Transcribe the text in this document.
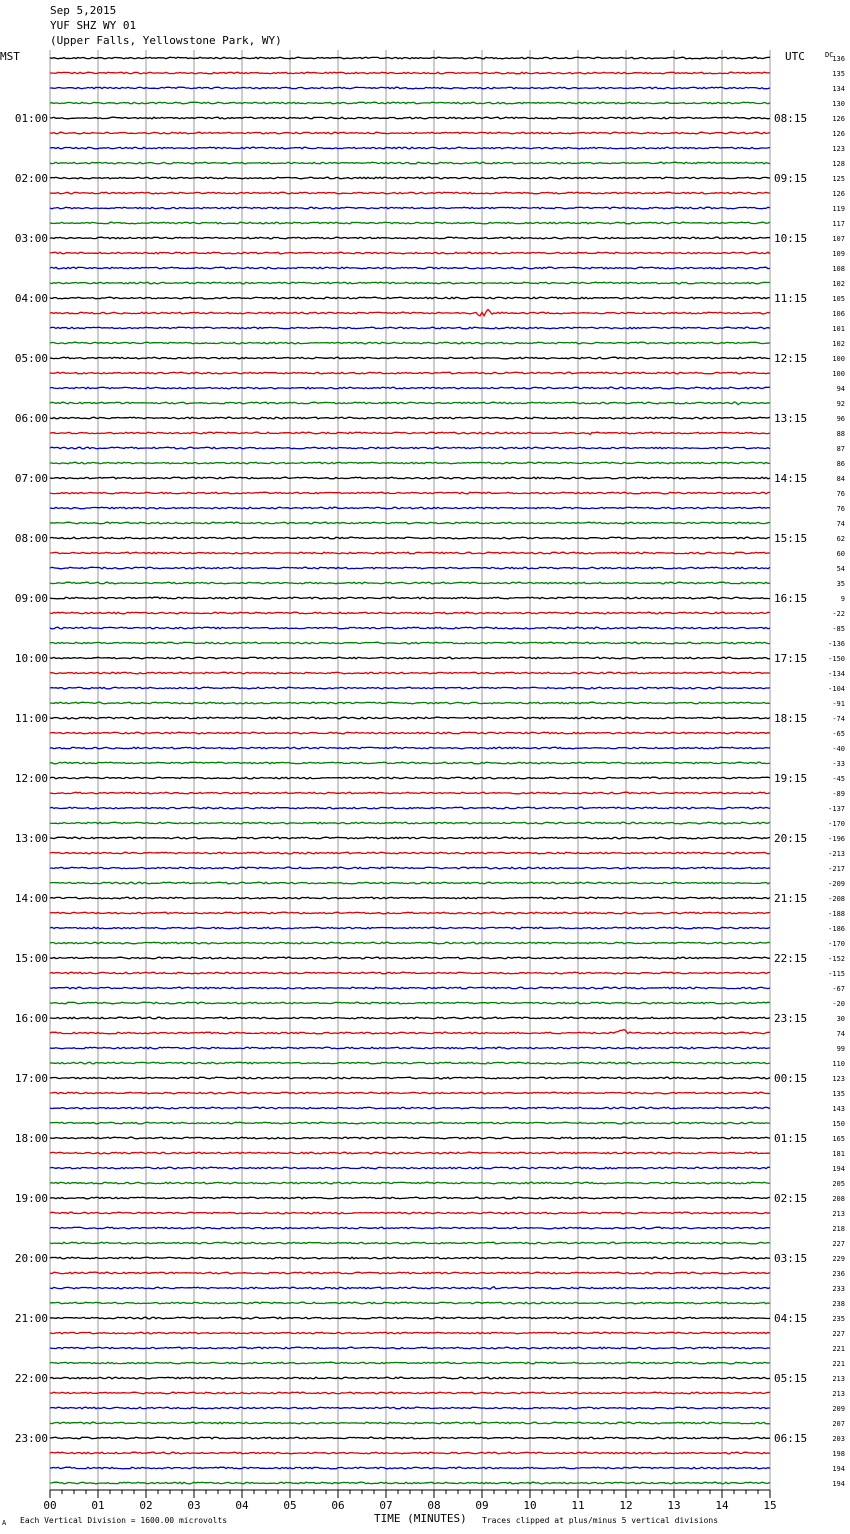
Sep 5,2015
YUF SHZ WY 01
(Upper Falls, Yellowstone Park, WY)
MST	UTC	DC
136
135
134
130
126
126
123
128
125
126
119
117
107
109
108
102
105
106
101
102
100
100
94
92
96
88
87
86
84
76
76
74
62
60
54
35
9
-22
-85
-136
-150
-134
-104
-91
-74
-65
-40
-33
-45
-89
-137
-170
-196
-213
-217
-209
-208
-188
-186
-170
-152
-115
-67
-20
30
74
99
110
123
135
143
150
165
181
194
205
208
213
218
227
229
236
233
238
235
227
221
221
213
213
209
207
203
198
194
194
01:00
02:00
03:00
04:00
05:00
06:00
07:00
08:00
09:00
10:00
11:00
12:00
13:00
14:00
15:00
16:00
17:00
18:00
19:00
20:00
21:00
22:00
23:00
08:15
09:15
10:15
11:15
12:15
13:15
14:15
15:15
16:15
17:15
18:15
19:15
20:15
21:15
22:15
23:15
00:15
01:15
02:15
03:15
04:15
05:15
06:15
00	01	02	03	04	05	06	07	08	09	10	11	12	13	14	15
A Each Vertical Division = 1600.00 microvolts	TIME (MINUTES) Traces clipped at plus/minus 5 vertical divisions
